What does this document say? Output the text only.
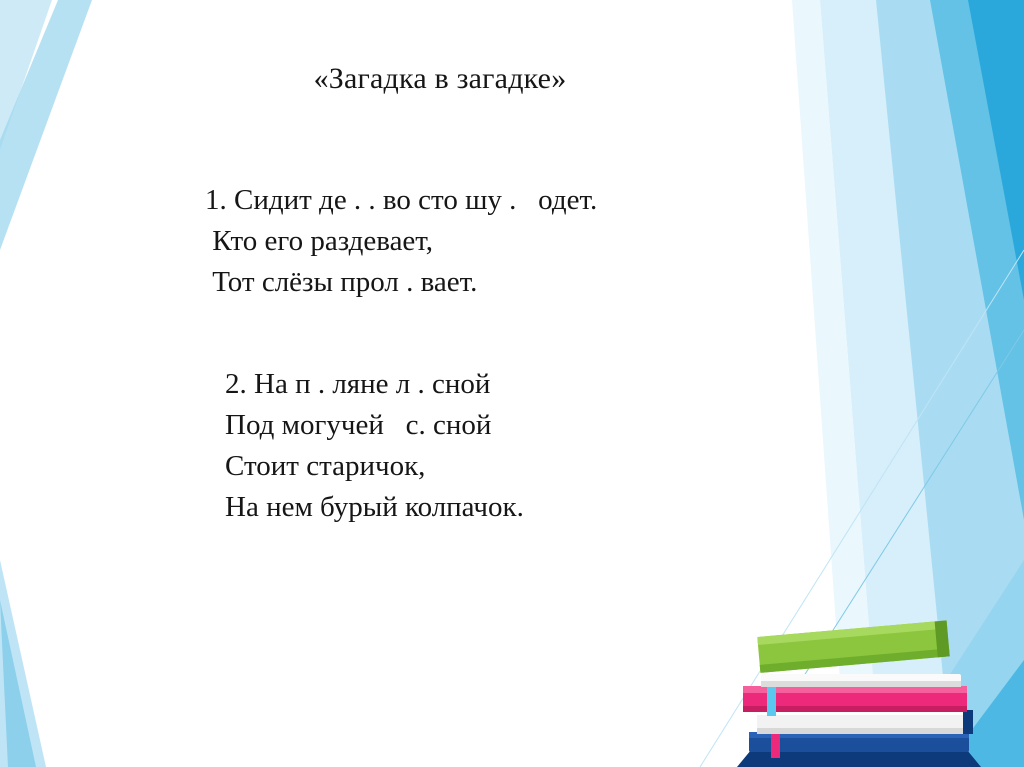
«Загадка в загадке»
1. Сидит де . . во сто шу .   одет.
Кто его раздевает,
Тот слёзы прол . вает.
2. На п . ляне л . сной
Под могучей   с. сной
Стоит старичок,
На нем бурый колпачок.
